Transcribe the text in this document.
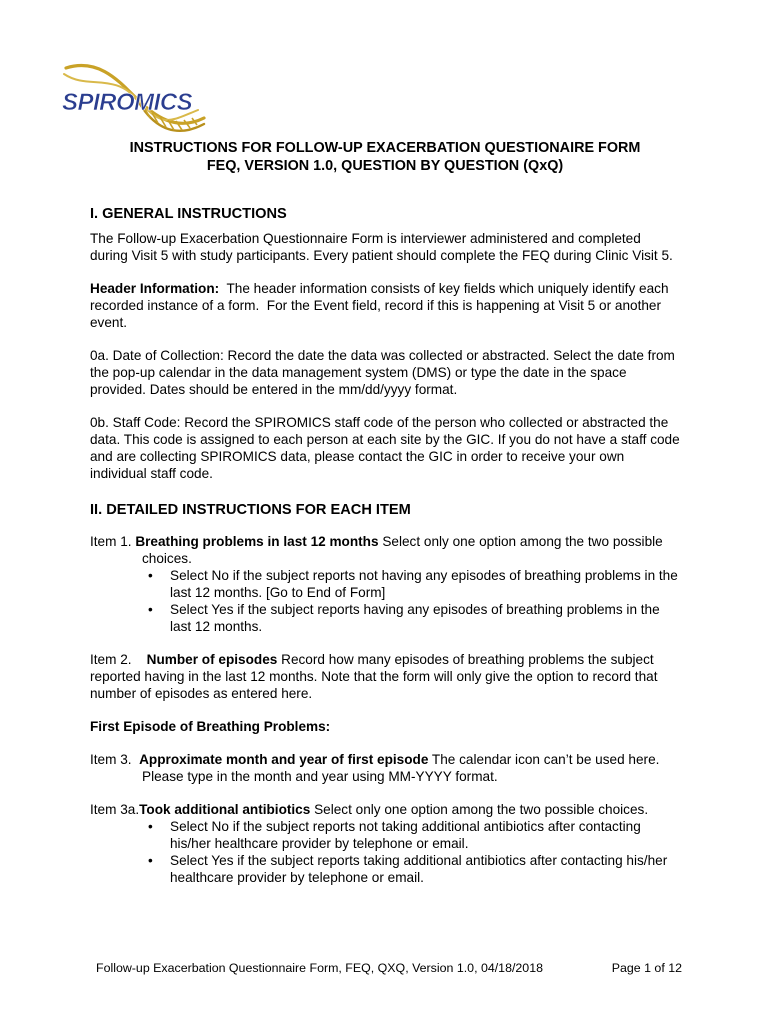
SPIROMICS
INSTRUCTIONS FOR FOLLOW-UP EXACERBATION QUESTIONAIRE FORM
FEQ, VERSION 1.0, QUESTION BY QUESTION (QxQ)
I. GENERAL INSTRUCTIONS

The Follow-up Exacerbation Questionnaire Form is interviewer administered and completed during Visit 5 with study participants. Every patient should complete the FEQ during Clinic Visit 5.

Header Information:  The header information consists of key fields which uniquely identify each recorded instance of a form.  For the Event field, record if this is happening at Visit 5 or another event.

0a. Date of Collection: Record the date the data was collected or abstracted. Select the date from the pop-up calendar in the data management system (DMS) or type the date in the space provided. Dates should be entered in the mm/dd/yyyy format.

0b. Staff Code: Record the SPIROMICS staff code of the person who collected or abstracted the data. This code is assigned to each person at each site by the GIC. If you do not have a staff code and are collecting SPIROMICS data, please contact the GIC in order to receive your own individual staff code.

II. DETAILED INSTRUCTIONS FOR EACH ITEM
Item 1. Breathing problems in last 12 months Select only one option among the two possible choices.
• Select No if the subject reports not having any episodes of breathing problems in the last 12 months. [Go to End of Form]
• Select Yes if the subject reports having any episodes of breathing problems in the last 12 months.

Item 2.    Number of episodes Record how many episodes of breathing problems the subject reported having in the last 12 months. Note that the form will only give the option to record that number of episodes as entered here.

First Episode of Breathing Problems:

Item 3.  Approximate month and year of first episode The calendar icon can’t be used here. Please type in the month and year using MM-YYYY format.
Item 3a.Took additional antibiotics Select only one option among the two possible choices.
• Select No if the subject reports not taking additional antibiotics after contacting his/her healthcare provider by telephone or email.
• Select Yes if the subject reports taking additional antibiotics after contacting his/her healthcare provider by telephone or email.
Follow-up Exacerbation Questionnaire Form, FEQ, QXQ, Version 1.0, 04/18/2018	Page 1 of 12
